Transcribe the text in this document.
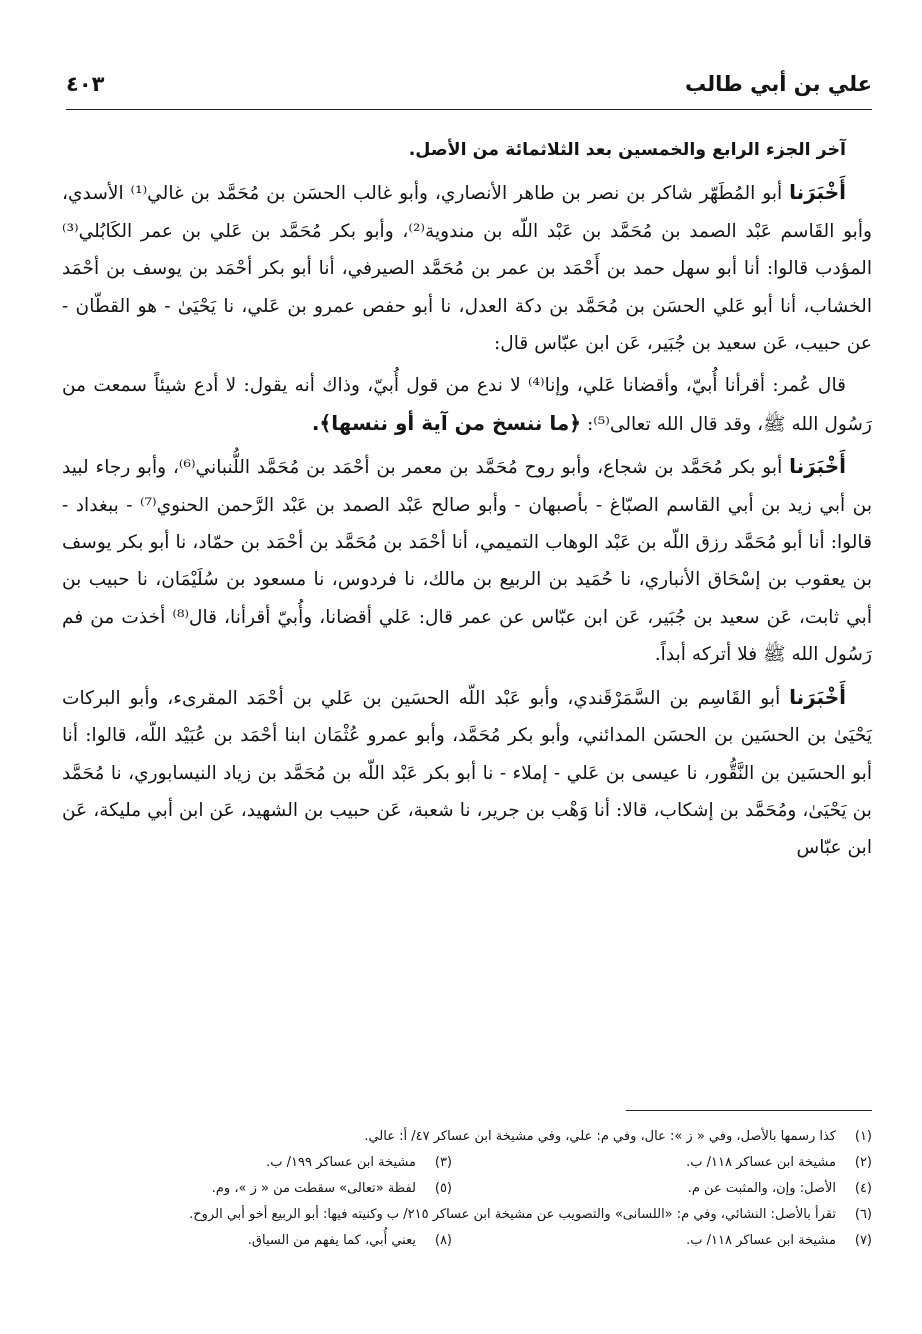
علي بن أبي طالب
٤٠٣

آخر الجزء الرابع والخمسين بعد الثلاثمائة من الأصل.

أَخْبَرَنا أبو المُطَهّر شاكر بن نصر بن طاهر الأنصاري، وأبو غالب الحسَن بن مُحَمَّد بن غالي⁽¹⁾ الأسدي، وأبو القَاسم عَبْد الصمد بن مُحَمَّد بن عَبْد اللّه بن مندوية⁽²⁾، وأبو بكر مُحَمَّد بن عَلي بن عمر الكَابُلي⁽³⁾ المؤدب قالوا: أنا أبو سهل حمد بن أَحْمَد بن عمر بن مُحَمَّد الصيرفي، أنا أبو بكر أحْمَد بن يوسف بن أحْمَد الخشاب، أنا أبو عَلي الحسَن بن مُحَمَّد بن دكة العدل، نا أبو حفص عمرو بن عَلي، نا يَحْيَىٰ - هو القطّان - عن حبيب، عَن سعيد بن جُبَير، عَن ابن عبّاس قال:

قال عُمر: أقرأنا أُبيّ، وأقضانا عَلي، وإنا⁽⁴⁾ لا ندع من قول أُبيّ، وذاك أنه يقول: لا أدع شيئاً سمعت من رَسُول الله ﷺ، وقد قال الله تعالى⁽⁵⁾: ﴿ما ننسخ من آية أو ننسها﴾.

أَخْبَرَنا أبو بكر مُحَمَّد بن شجاع، وأبو روح مُحَمَّد بن معمر بن أحْمَد بن مُحَمَّد اللُّنباني⁽⁶⁾، وأبو رجاء لبيد بن أبي زيد بن أبي القاسم الصبّاغ - بأصبهان - وأبو صالح عَبْد الصمد بن عَبْد الرَّحمن الحنوي⁽⁷⁾ - ببغداد - قالوا: أنا أبو مُحَمَّد رزق اللّه بن عَبْد الوهاب التميمي، أنا أحْمَد بن مُحَمَّد بن أحْمَد بن حمّاد، نا أبو بكر يوسف بن يعقوب بن إسْحَاق الأنباري، نا حُمَيد بن الربيع بن مالك، نا فردوس، نا مسعود بن سُلَيْمَان، نا حبيب بن أبي ثابت، عَن سعيد بن جُبَير، عَن ابن عبّاس عن عمر قال: عَلي أقضانا، وأُبيّ أقرأنا، قال⁽⁸⁾ أخذت من فم رَسُول الله ﷺ فلا أتركه أبداً.

أَخْبَرَنا أبو القَاسِم بن السَّمَرْقَندي، وأبو عَبْد اللّه الحسَين بن عَلي بن أحْمَد المقرىء، وأبو البركات يَحْيَىٰ بن الحسَين بن الحسَن المدائني، وأبو بكر مُحَمَّد، وأبو عمرو عُثْمَان ابنا أحْمَد بن عُبَيْد اللّه، قالوا: أنا أبو الحسَين بن النَّقُّور، نا عيسى بن عَلي - إملاء - نا أبو بكر عَبْد اللّه بن مُحَمَّد بن زياد النيسابوري، نا مُحَمَّد بن يَحْيَىٰ، ومُحَمَّد بن إشكاب، قالا: أنا وَهْب بن جرير، نا شعبة، عَن حبيب بن الشهيد، عَن ابن أبي مليكة، عَن ابن عبّاس

(١)
كذا رسمها بالأصل، وفي « ز »: عال، وفي م: علي، وفي مشيخة ابن عساكر ٤٧/ أ: عالي.
(٢)
مشيخة ابن عساكر ١١٨/ ب.
(٣)
مشيخة ابن عساكر ١٩٩/ ب.
(٤)
الأصل: وإن، والمثبت عن م.
(٥)
لفظة «تعالى» سقطت من « ز »، وم.
(٦)
تقرأ بالأصل: النشائي، وفي م: «اللسانى» والتصويب عن مشيخة ابن عساكر ٢١٥/ ب وكنيته فيها: أبو الربيع أخو أبي الروح.
(٧)
مشيخة ابن عساكر ١١٨/ ب.
(٨)
يعني أُبي، كما يفهم من السياق.
